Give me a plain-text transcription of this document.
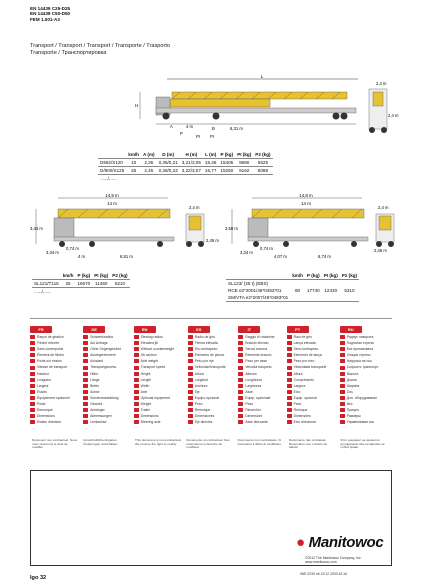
EN 14439 C25-D25
EN 14439 C50-D50
FEM 1.001-A3
Transport / Transport / Transport / Transporte / Trasporto
Transporte / Транспортировка
L
H
B
A	4 m	6,31 m
P
PI PI
2,4 m
2,4 m
	km/h	A (m)	D (m)	H (m)	L (m)	P (kg)	PI (kg)	P2 (kg)
D562/S120	10	2,35	0,35/0,21	3,21/3,05	15,48	15405	9680	5525
D/900/S125	25	2,45	0,38/0,23	3,22/3,07	15,77	15250	9162	6088
....../......								
14,9 m
14 m
3,43 m
3,34 m
0,74 m
4 m	6,81 m
2,4 m
2,45 m
14,9 m
14 m
3,58 m
3,34 m
0,74 m
4,07 m	6,74 m
2,4 m
2,45 m
	km/h	P (kg)	PI (kg)	P2 (kg)
SL121/T115	25	16670	11460	5210
....../......				
	km/h	P (kg)	PI (kg)	P2 (kg)
SL123/ (25 t) (EBS)				
RCE e2*2001/46*0453*01	80	17740	12430	5310
SM/VTA e2*2007/46*0493*01				
FR	DE	EN	ES	IT	PT	RU
Rayon de giration	Schwenkradius	Slewing radius	Radio de giro	Raggio di rotazione	Raio de giro	Радиус поворота
Flèche relevée	Auf Anfrage	Elevated jib	Flecha elevada	Braccio elevato	Lança elevada	Поднятая стрела
Sans contrepoids	Ohne Gegengewicht	Without counterweight	Sin contrapeso	Senza zavorra	Sem contrapeso	Без противовеса
Élément de flèche	Auslegerelement	Jib section	Elemento de pluma	Elemento braccio	Elemento de lança	Секция стрелы
Poids sur essieu	Achslast	Axle weight	Peso por eje	Peso per asse	Peso por eixo	Нагрузка на ось
Vitesse de transport	Transportgeschw.	Transport speed	Velocidad transporte	Velocità trasporto	Velocidade transporte	Скорость транспорт.
Hauteur	Höhe	Height	Altura	Altezza	Altura	Высота
Longueur	Länge	Length	Longitud	Lunghezza	Comprimento	Длина
Largeur	Breite	Width	Anchura	Larghezza	Largura	Ширина
Essieu	Achse	Axle	Eje	Asse	Eixo	Ось
Équipement optionnel	Sonderausstattung	Optional equipment	Equipo opcional	Equip. opzionale	Equip. opcional	Доп. оборудование
Poids	Gewicht	Weight	Peso	Peso	Peso	Вес
Remorque	Anhänger	Trailer	Remolque	Rimorchio	Reboque	Прицеп
Dimensions	Abmessungen	Dimensions	Dimensiones	Dimensioni	Dimensões	Размеры
Essieu directeur	Lenkachse	Steering axle	Eje directriz	Asse sterzante	Eixo direcional	Управляемая ось
Document non contractuel. Nous nous réservons le droit de modifier.	Unverbindliche Angaben. Änderungen vorbehalten.	This document is non-contractual. We reserve the right to modify.	Documento no contractual. Nos reservamos el derecho de modificar.	Documento non contrattuale. Ci riserviamo il diritto di modificare.	Documento não contratual. Reservamo-nos o direito de alterar.	Этот документ не является договорным. Мы оставляем за собой право.
● Manitowoc
©2012 The Manitowoc Company, Inc.
www.manitowoc.com
IWE 0235 mt 12/12 2003 43.16
Igo 32
